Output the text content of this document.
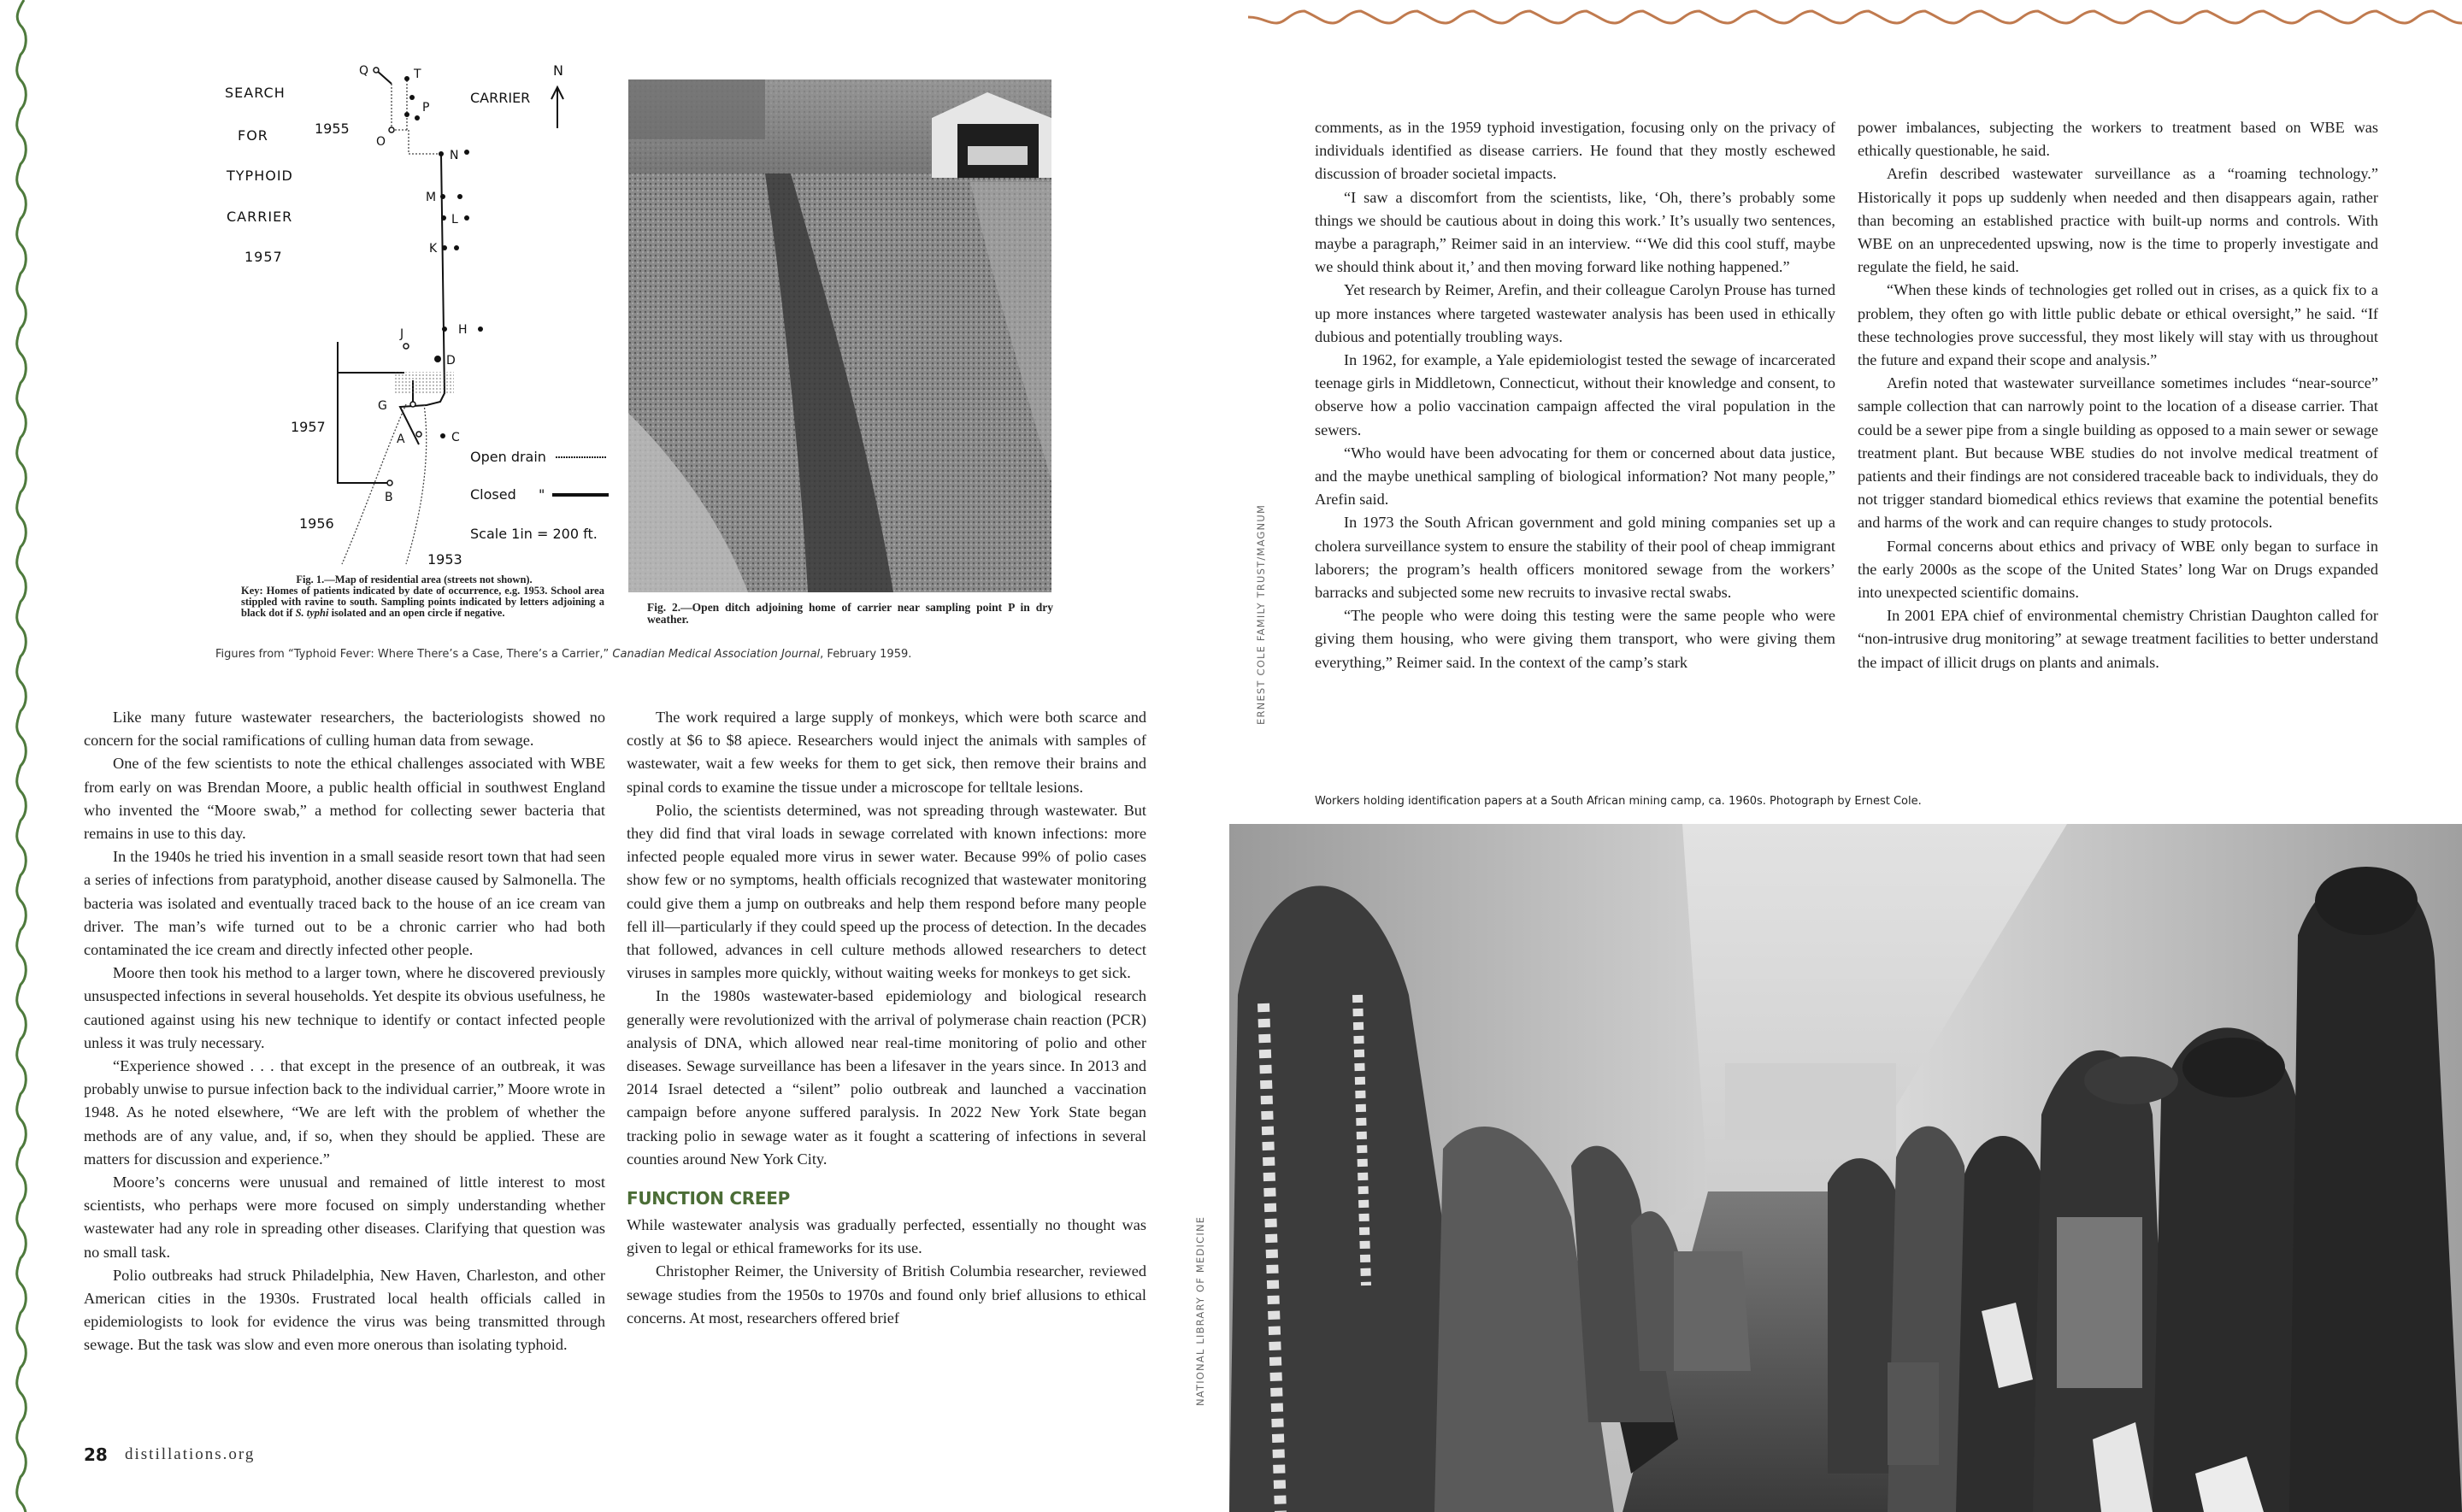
SEARCH
FOR
TYPHOID
CARRIER
1957
N
Q	T
P
O
N
M
L
K
J	H
D
G
A	C
B
CARRIER
1955
1957
1956
1953
Open drain
Closed "
Scale 1in = 200 ft.
Fig. 1.—Map of residential area (streets not shown).
Key: Homes of patients indicated by date of occurrence, e.g. 1953. School area stippled with ravine to south. Sampling points indicated by letters adjoining a black dot if S. typhi isolated and an open circle if negative.	Fig. 2.—Open ditch adjoining home of carrier near sampling point P in dry weather.
Figures from “Typhoid Fever: Where There’s a Case, There’s a Carrier,” Canadian Medical Association Journal, February 1959.

Like many future wastewater researchers, the bacteriologists showed no concern for the social ramifications of culling human data from sewage.

One of the few scientists to note the ethical challenges associated with WBE from early on was Brendan Moore, a public health official in southwest England who invented the “Moore swab,” a method for collecting sewer bacteria that remains in use to this day.

In the 1940s he tried his invention in a small seaside resort town that had seen a series of infections from paratyphoid, another disease caused by Salmonella. The bacteria was isolated and eventually traced back to the house of an ice cream van driver. The man’s wife turned out to be a chronic carrier who had both contaminated the ice cream and directly infected other people.

Moore then took his method to a larger town, where he discovered previously unsuspected infections in several households. Yet despite its obvious usefulness, he cautioned against using his new technique to identify or contact infected people unless it was truly necessary.

“Experience showed . . . that except in the presence of an outbreak, it was probably unwise to pursue infection back to the individual carrier,” Moore wrote in 1948. As he noted elsewhere, “We are left with the problem of whether the methods are of any value, and, if so, when they should be applied. These are matters for discussion and experience.”

Moore’s concerns were unusual and remained of little interest to most scientists, who perhaps were more focused on simply understanding whether wastewater had any role in spreading other diseases. Clarifying that question was no small task.

Polio outbreaks had struck Philadelphia, New Haven, Charleston, and other American cities in the 1930s. Frustrated local health officials called in epidemiologists to look for evidence the virus was being transmitted through sewage. But the task was slow and even more onerous than isolating typhoid.

The work required a large supply of monkeys, which were both scarce and costly at $6 to $8 apiece. Researchers would inject the animals with samples of wastewater, wait a few weeks for them to get sick, then remove their brains and spinal cords to examine the tissue under a microscope for telltale lesions.

Polio, the scientists determined, was not spreading through wastewater. But they did find that viral loads in sewage correlated with known infections: more infected people equaled more virus in sewer water. Because 99% of polio cases show few or no symptoms, health officials recognized that wastewater monitoring could give them a jump on outbreaks and help them respond before many people fell ill—particularly if they could speed up the process of detection. In the decades that followed, advances in cell culture methods allowed researchers to detect viruses in samples more quickly, without waiting weeks for monkeys to get sick.

In the 1980s wastewater-based epidemiology and biological research generally were revolutionized with the arrival of polymerase chain reaction (PCR) analysis of DNA, which allowed near real-time monitoring of polio and other diseases. Sewage surveillance has been a lifesaver in the years since. In 2013 and 2014 Israel detected a “silent” polio outbreak and launched a vaccination campaign before anyone suffered paralysis. In 2022 New York State began tracking polio in sewage water as it fought a scattering of infections in several counties around New York City.

FUNCTION CREEP

While wastewater analysis was gradually perfected, essentially no thought was given to legal or ethical frameworks for its use.

Christopher Reimer, the University of British Columbia researcher, reviewed sewage studies from the 1950s to 1970s and found only brief allusions to ethical concerns. At most, researchers offered brief

comments, as in the 1959 typhoid investigation, focusing only on the privacy of individuals identified as disease carriers. He found that they mostly eschewed discussion of broader societal impacts.

“I saw a discomfort from the scientists, like, ‘Oh, there’s probably some things we should be cautious about in doing this work.’ It’s usually two sentences, maybe a paragraph,” Reimer said in an interview. “‘We did this cool stuff, maybe we should think about it,’ and then moving forward like nothing happened.”

Yet research by Reimer, Arefin, and their colleague Carolyn Prouse has turned up more instances where targeted wastewater analysis has been used in ethically dubious and potentially troubling ways.

In 1962, for example, a Yale epidemiologist tested the sewage of incarcerated teenage girls in Middletown, Connecticut, without their knowledge and consent, to observe how a polio vaccination campaign affected the viral population in the sewers.

“Who would have been advocating for them or concerned about data justice, and the maybe unethical sampling of biological information? Not many people,” Arefin said.

In 1973 the South African government and gold mining companies set up a cholera surveillance system to ensure the stability of their pool of cheap immigrant laborers; the program’s health officers monitored sewage from the workers’ barracks and subjected some new recruits to invasive rectal swabs.

“The people who were doing this testing were the same people who were giving them housing, who were giving them transport, who were giving them everything,” Reimer said. In the context of the camp’s stark

power imbalances, subjecting the workers to treatment based on WBE was ethically questionable, he said.

Arefin described wastewater surveillance as a “roaming technology.” Historically it pops up suddenly when needed and then disappears again, rather than becoming an established practice with built-up norms and controls. With WBE on an unprecedented upswing, now is the time to properly investigate and regulate the field, he said.

“When these kinds of technologies get rolled out in crises, as a quick fix to a problem, they often go with little public debate or ethical oversight,” he said. “If these technologies prove successful, they most likely will stay with us throughout the future and expand their scope and analysis.”

Arefin noted that wastewater surveillance sometimes includes “near-source” sample collection that can narrowly point to the location of a disease carrier. That could be a sewer pipe from a single building as opposed to a main sewer or sewage treatment plant. But because WBE studies do not involve medical treatment of patients and their findings are not considered traceable back to individuals, they do not trigger standard biomedical ethics reviews that examine the potential benefits and harms of the work and can require changes to study protocols.

Formal concerns about ethics and privacy of WBE only began to surface in the early 2000s as the scope of the United States’ long War on Drugs expanded into unexpected scientific domains.

In 2001 EPA chief of environmental chemistry Christian Daughton called for “non-intrusive drug monitoring” at sewage treatment facilities to better understand the impact of illicit drugs on plants and animals.

28 distillations.org
ERNEST COLE FAMILY TRUST/MAGNUM
NATIONAL LIBRARY OF MEDICINE
Workers holding identification papers at a South African mining camp, ca. 1960s. Photograph by Ernest Cole.
